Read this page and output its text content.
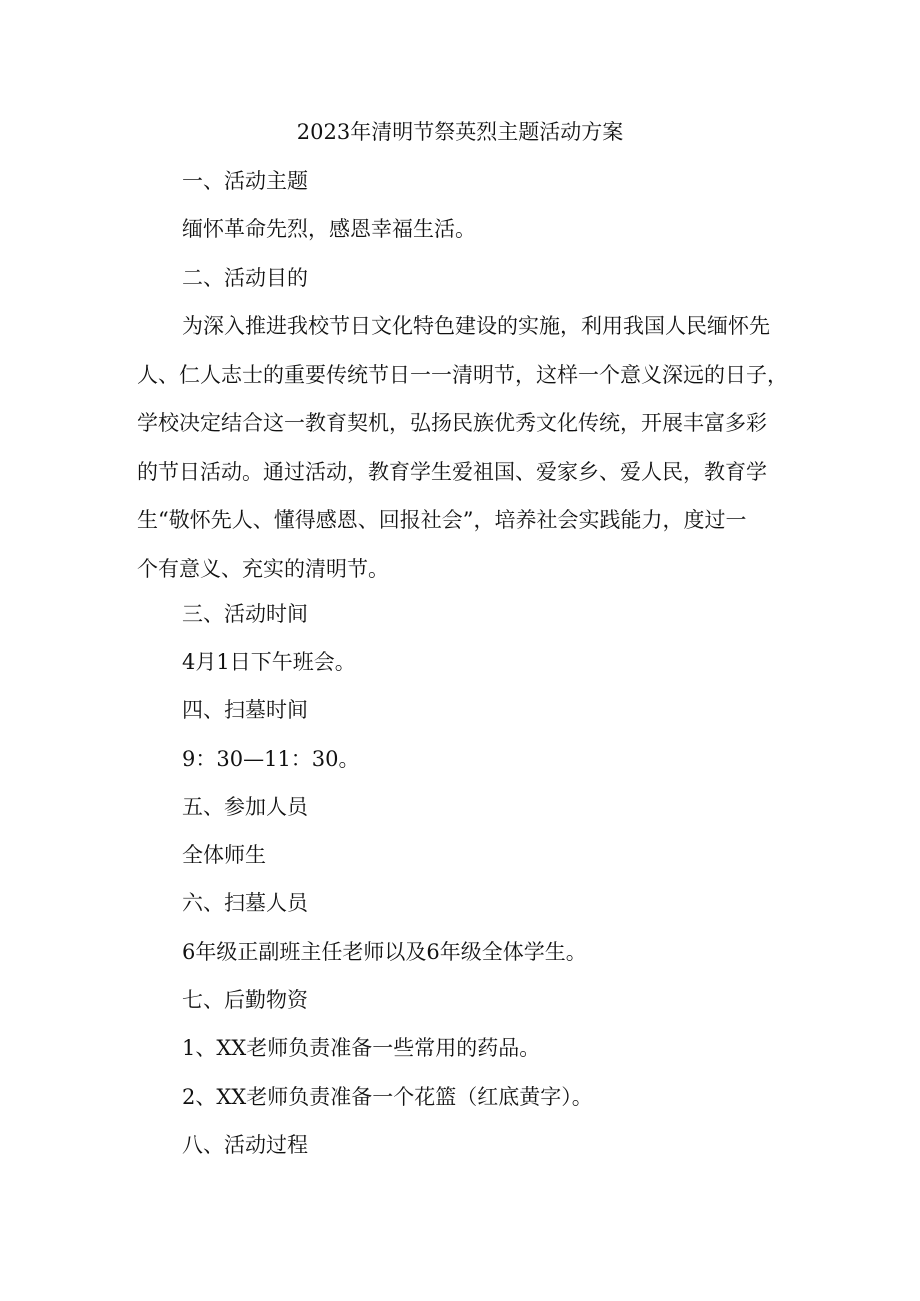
2023年清明节祭英烈主题活动方案
一、活动主题
缅怀革命先烈，感恩幸福生活。
二、活动目的
为深入推进我校节日文化特色建设的实施，利用我国人民缅怀先
人、仁人志士的重要传统节日一一清明节，这样一个意义深远的日子，
学校决定结合这一教育契机，弘扬民族优秀文化传统，开展丰富多彩
的节日活动。通过活动，教育学生爱祖国、爱家乡、爱人民，教育学
生“敬怀先人、懂得感恩、回报社会”，培养社会实践能力，度过一
个有意义、充实的清明节。
三、活动时间
4月1日下午班会。
四、扫墓时间
9：30—11：30。
五、参加人员
全体师生
六、扫墓人员
6年级正副班主任老师以及6年级全体学生。
七、后勤物资
1、XX老师负责准备一些常用的药品。
2、XX老师负责准备一个花篮（红底黄字）。
八、活动过程
